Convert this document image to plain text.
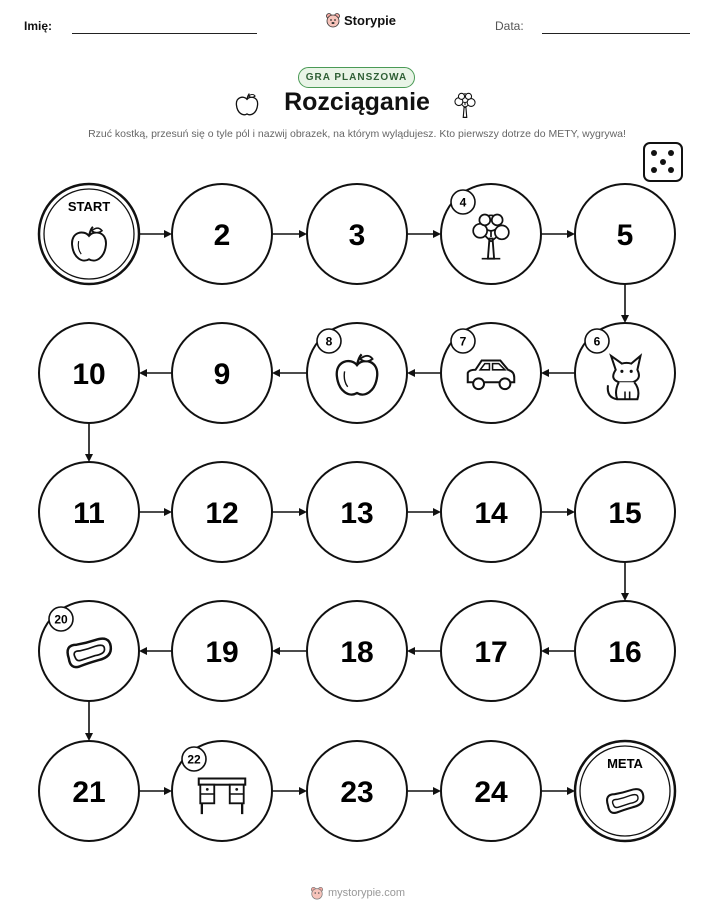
Imię:	Storypie	Data:
GRA PLANSZOWA
Rozciąganie
Rzuć kostką, przesuń się o tyle pól i nazwij obrazek, na którym wylądujesz. Kto pierwszy dotrze do METY, wygrywa!
START
2	3
4
5
6
7
8
9
10
11	12	13	14	15
16
17
18
19
20
21
22
23	24
META
mystorypie.com
